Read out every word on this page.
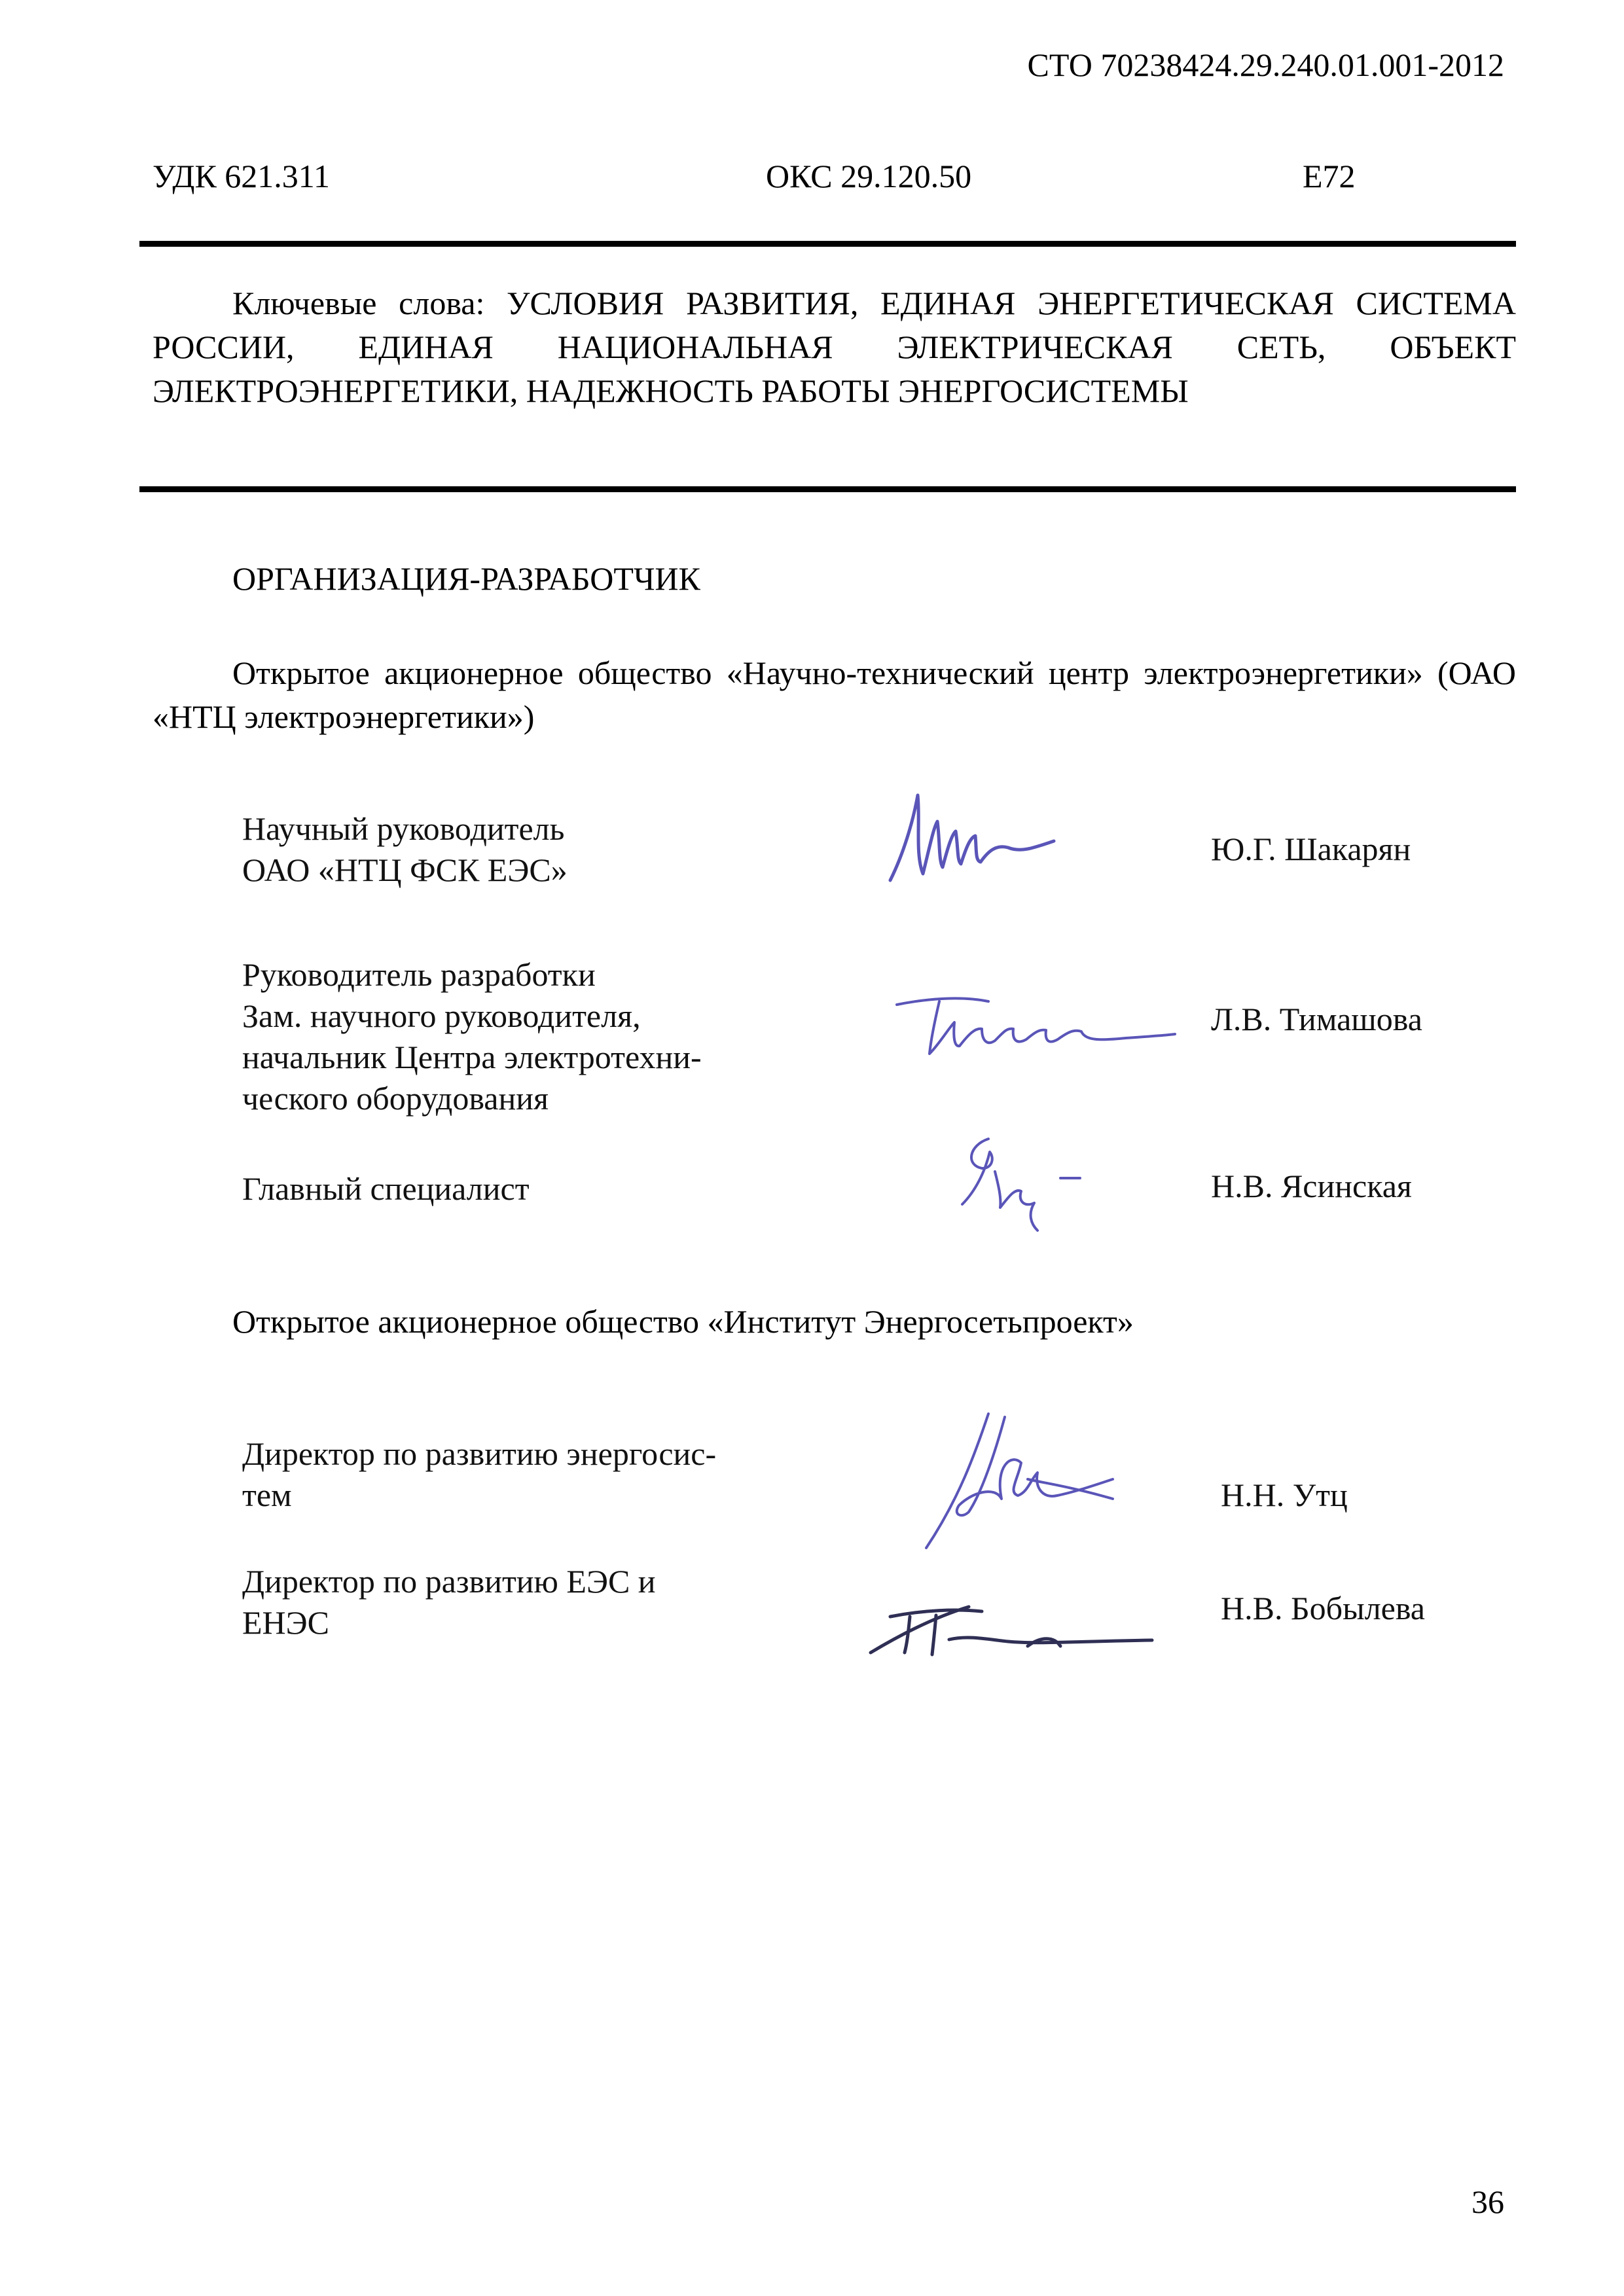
СТО 70238424.29.240.01.001-2012
УДК 621.311	ОКС 29.120.50	Е72
Ключевые слова: УСЛОВИЯ РАЗВИТИЯ, ЕДИНАЯ ЭНЕРГЕТИЧЕСКАЯ СИСТЕМА РОССИИ, ЕДИНАЯ НАЦИОНАЛЬНАЯ ЭЛЕКТРИЧЕСКАЯ СЕТЬ, ОБЪЕКТ ЭЛЕКТРОЭНЕРГЕТИКИ, НАДЕЖНОСТЬ РАБОТЫ ЭНЕРГОСИСТЕМЫ
ОРГАНИЗАЦИЯ-РАЗРАБОТЧИК
Открытое акционерное общество «Научно-технический центр электроэнергетики» (ОАО «НТЦ электроэнергетики»)
Научный руководитель
ОАО «НТЦ ФСК ЕЭС»
Ю.Г. Шакарян
Руководитель разработки
Зам. научного руководителя,
начальник Центра электротехни-
ческого оборудования
Л.В. Тимашова
Главный специалист	Н.В. Ясинская
Открытое акционерное общество «Институт Энергосетьпроект»
Директор по развитию энергосис-
тем	Н.Н. Утц
Директор по развитию ЕЭС и
ЕНЭС	Н.В. Бобылева
36
